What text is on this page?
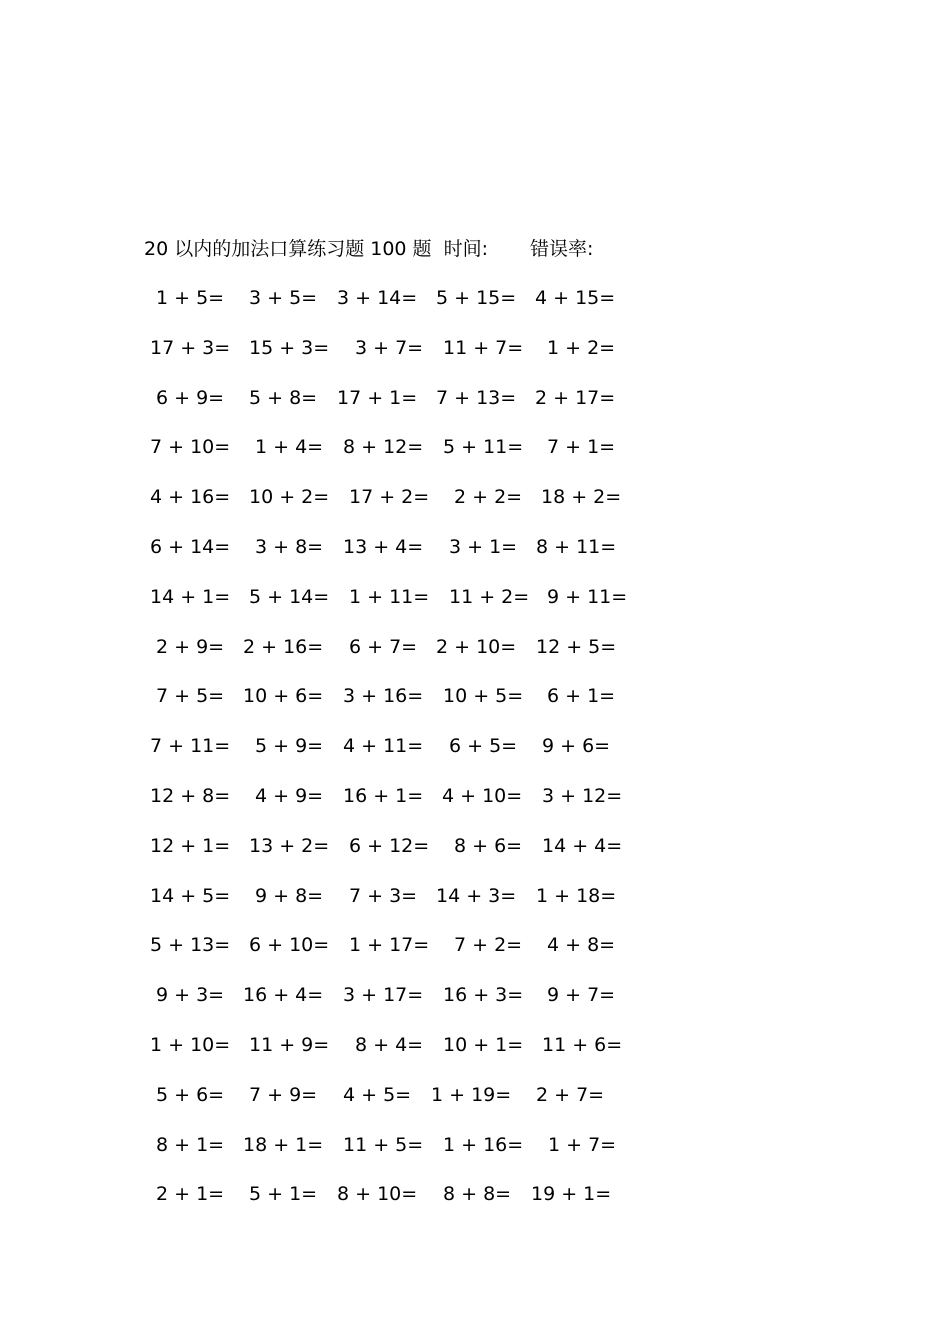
20 以内的加法口算练习题 100 题 时间: 错误率:
1 + 5= 3 + 5= 3 + 14= 5 + 15= 4 + 15=
17 + 3= 15 + 3= 3 + 7= 11 + 7= 1 + 2=
6 + 9= 5 + 8= 17 + 1= 7 + 13= 2 + 17=
7 + 10= 1 + 4= 8 + 12= 5 + 11= 7 + 1=
4 + 16= 10 + 2= 17 + 2= 2 + 2= 18 + 2=
6 + 14= 3 + 8= 13 + 4= 3 + 1= 8 + 11=
14 + 1= 5 + 14= 1 + 11= 11 + 2= 9 + 11=
2 + 9= 2 + 16= 6 + 7= 2 + 10= 12 + 5=
7 + 5= 10 + 6= 3 + 16= 10 + 5= 6 + 1=
7 + 11= 5 + 9= 4 + 11= 6 + 5= 9 + 6=
12 + 8= 4 + 9= 16 + 1= 4 + 10= 3 + 12=
12 + 1= 13 + 2= 6 + 12= 8 + 6= 14 + 4=
14 + 5= 9 + 8= 7 + 3= 14 + 3= 1 + 18=
5 + 13= 6 + 10= 1 + 17= 7 + 2= 4 + 8=
9 + 3= 16 + 4= 3 + 17= 16 + 3= 9 + 7=
1 + 10= 11 + 9= 8 + 4= 10 + 1= 11 + 6=
5 + 6= 7 + 9= 4 + 5= 1 + 19= 2 + 7=
8 + 1= 18 + 1= 11 + 5= 1 + 16= 1 + 7=
2 + 1= 5 + 1= 8 + 10= 8 + 8= 19 + 1=
